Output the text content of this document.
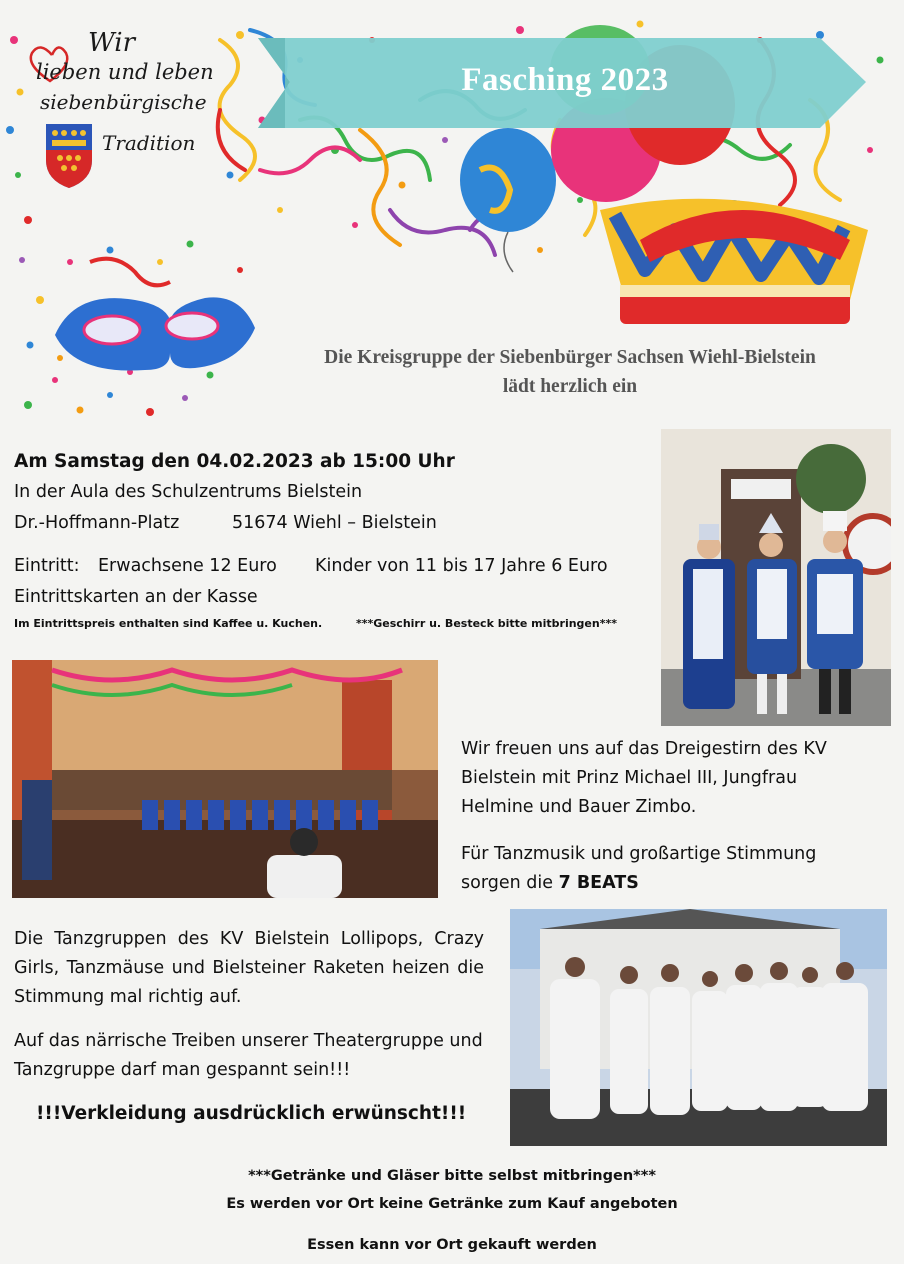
Wir
lieben und leben
siebenbürgische
Tradition
Fasching 2023
Die Kreisgruppe der Siebenbürger Sachsen Wiehl-Bielstein
lädt herzlich ein
Am Samstag den 04.02.2023 ab 15:00 Uhr
In der Aula des Schulzentrums Bielstein
Dr.-Hoffmann-Platz	51674 Wiehl – Bielstein
Eintritt: Erwachsene 12 Euro Kinder von 11 bis 17 Jahre 6 Euro
Eintrittskarten an der Kasse
Im Eintrittspreis enthalten sind Kaffee u. Kuchen.	***Geschirr u. Besteck bitte mitbringen***
Wir freuen uns auf das Dreigestirn des KV Bielstein mit Prinz Michael III, Jungfrau Helmine und Bauer Zimbo.
Für Tanzmusik und großartige Stimmung sorgen die 7 BEATS
Die Tanzgruppen des KV Bielstein Lollipops, Crazy Girls, Tanzmäuse und Bielsteiner Raketen heizen die Stimmung mal richtig auf.
Auf das närrische Treiben unserer Theatergruppe und Tanzgruppe darf man gespannt sein!!!
!!!Verkleidung ausdrücklich erwünscht!!!
***Getränke und Gläser bitte selbst mitbringen***
Es werden vor Ort keine Getränke zum Kauf angeboten
Essen kann vor Ort gekauft werden
